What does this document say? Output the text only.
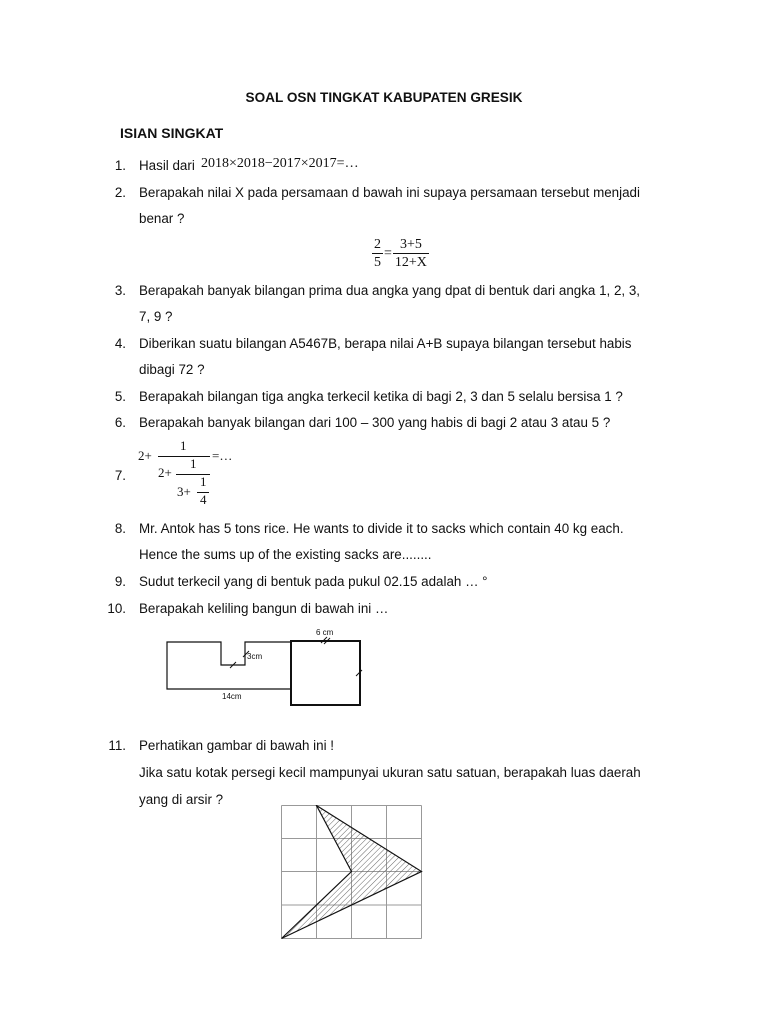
SOAL OSN TINGKAT KABUPATEN GRESIK
ISIAN SINGKAT
1. Hasil dari 2018×2018−2017×2017=…
2. Berapakah nilai X pada persamaan d bawah ini supaya persamaan tersebut menjadi
benar ?
$\frac{2}{5} = \frac{3+5}{12+X}$
3. Berapakah banyak bilangan prima dua angka yang dpat di bentuk dari angka 1, 2, 3,
7, 9 ?
4. Diberikan suatu bilangan A5467B, berapa nilai A+B supaya bilangan tersebut habis
dibagi 72 ?
5. Berapakah bilangan tiga angka terkecil ketika di bagi 2, 3 dan 5 selalu bersisa 1 ?
6. Berapakah banyak bilangan dari 100 – 300 yang habis di bagi 2 atau 3 atau 5 ?
7.
2+
1
=…
2+
1
3+
1
4
8. Mr. Antok has 5 tons rice. He wants to divide it to sacks which contain 40 kg each.
Hence the sums up of the existing sacks are........
9. Sudut terkecil yang di bentuk pada pukul 02.15 adalah … °
10. Berapakah keliling bangun di bawah ini …
6 cm
3cm
14cm
11. Perhatikan gambar di bawah ini !
Jika satu kotak persegi kecil mampunyai ukuran satu satuan, berapakah luas daerah
yang di arsir ?
